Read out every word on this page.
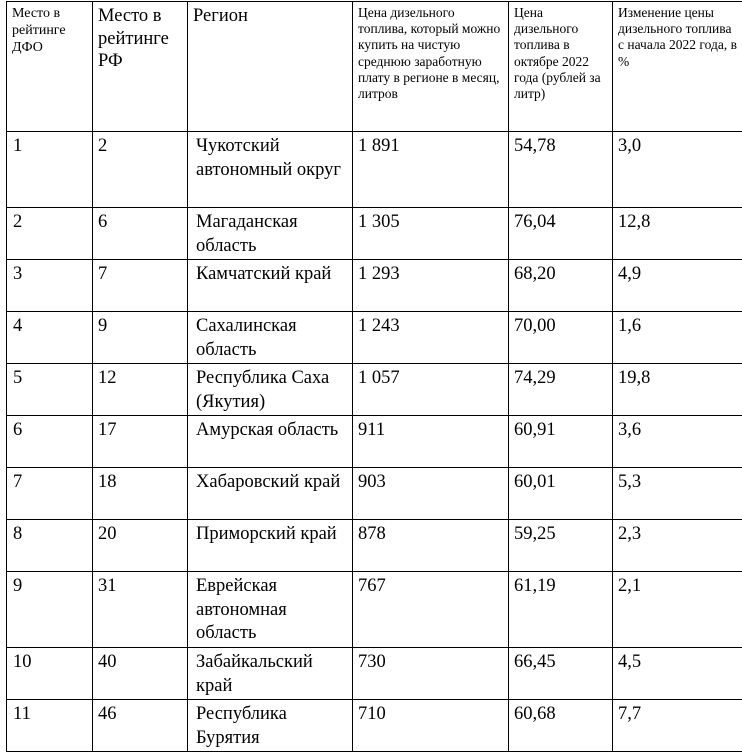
Место в рейтинге ДФО	Место в рейтинге РФ	Регион	Цена дизельного топлива, который можно купить на чистую среднюю заработную плату в регионе в месяц, литров	Цена дизельного топлива в октябре 2022 года (рублей за литр)	Изменение цены дизельного топлива с начала 2022 года, в %
1	2	Чукотский автономный округ	1 891	54,78	3,0
2	6	Магаданская область	1 305	76,04	12,8
3	7	Камчатский край	1 293	68,20	4,9
4	9	Сахалинская область	1 243	70,00	1,6
5	12	Республика Саха (Якутия)	1 057	74,29	19,8
6	17	Амурская область	911	60,91	3,6
7	18	Хабаровский край	903	60,01	5,3
8	20	Приморский край	878	59,25	2,3
9	31	Еврейская автономная область	767	61,19	2,1
10	40	Забайкальский край	730	66,45	4,5
11	46	Республика Бурятия	710	60,68	7,7
